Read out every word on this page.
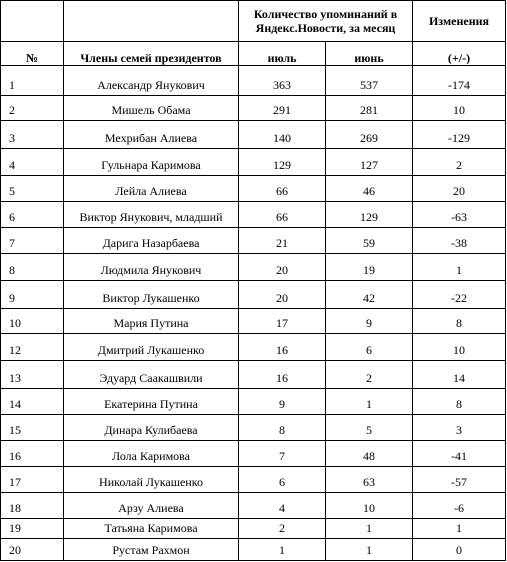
		Количество упоминаний в Яндекс.Новости, за месяц		Изменения
№	Члены семей президентов	июль	июнь	(+/-)
1	Александр Янукович	363	537	-174
2	Мишель Обама	291	281	10
3	Мехрибан Алиева	140	269	-129
4	Гульнара Каримова	129	127	2
5	Лейла Алиева	66	46	20
6	Виктор Янукович, младший	66	129	-63
7	Дарига Назарбаева	21	59	-38
8	Людмила Янукович	20	19	1
9	Виктор Лукашенко	20	42	-22
10	Мария Путина	17	9	8
12	Дмитрий Лукашенко	16	6	10
13	Эдуард Саакашвили	16	2	14
14	Екатерина Путина	9	1	8
15	Динара Кулибаева	8	5	3
16	Лола Каримова	7	48	-41
17	Николай Лукашенко	6	63	-57
18	Арзу Алиева	4	10	-6
19	Татьяна Каримова	2	1	1
20	Рустам Рахмон	1	1	0
